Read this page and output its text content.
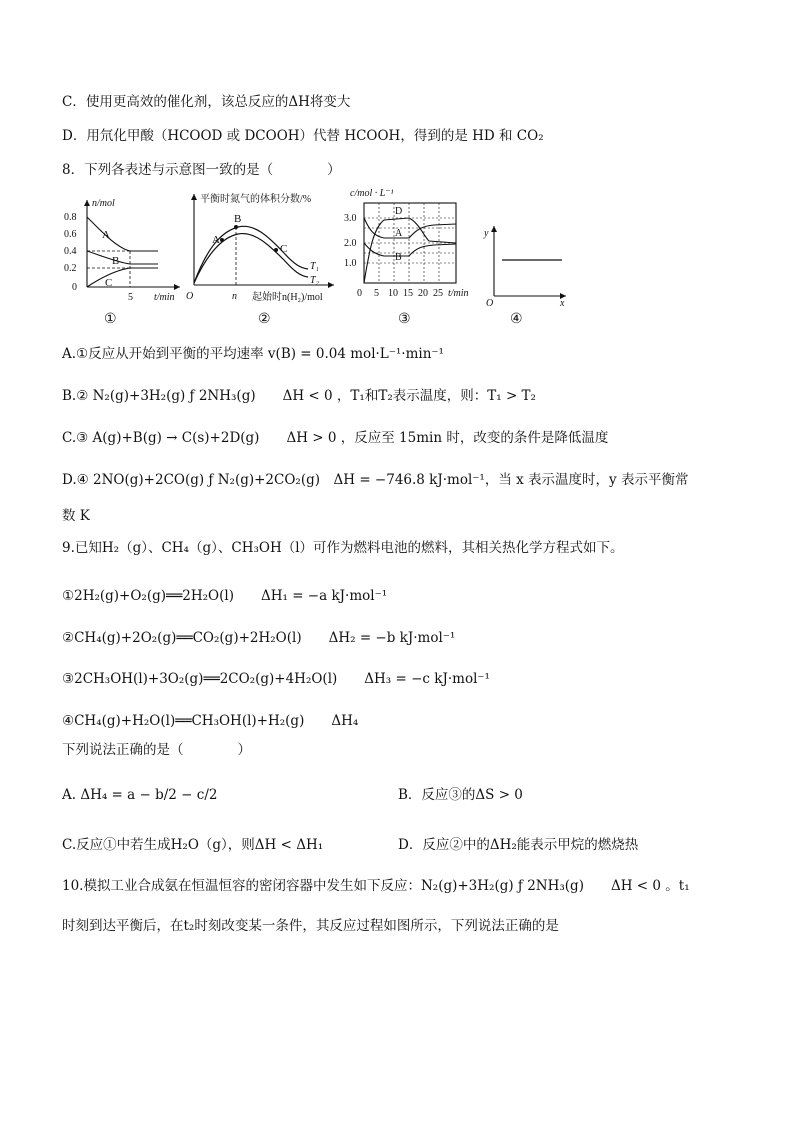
C．使用更高效的催化剂，该总反应的ΔH将变大
D．用氘化甲酸（HCOOD 或 DCOOH）代替 HCOOH，得到的是 HD 和 CO₂
8．下列各表述与示意图一致的是（　　　　）
n/mol
0.8
0.6
0.4
0.2
0
A
B
C
5 t/min
①
平衡时氮气的体积分数/%
A
B
C
T₁
T₂
O	n 起始时n(H₂)/mol
②
c/mol · L⁻¹
D
A
B
3.0
2.0
1.0
0 5 10 15 20 25 t/min
③
y
O	x
④
A.①反应从开始到平衡的平均速率 v(B) = 0.04 mol·L⁻¹·min⁻¹
B.② N₂(g)+3H₂(g) ƒ 2NH₃(g)　　ΔH < 0 ，T₁和T₂表示温度，则：T₁ > T₂
C.③ A(g)+B(g) → C(s)+2D(g)　　ΔH > 0 ，反应至 15min 时，改变的条件是降低温度
D.④ 2NO(g)+2CO(g) ƒ N₂(g)+2CO₂(g)　ΔH = −746.8 kJ·mol⁻¹，当 x 表示温度时，y 表示平衡常
数 K
9.已知H₂（g）、CH₄（g）、CH₃OH（l）可作为燃料电池的燃料，其相关热化学方程式如下。
①2H₂(g)+O₂(g)══2H₂O(l)　　ΔH₁ = −a kJ·mol⁻¹
②CH₄(g)+2O₂(g)══CO₂(g)+2H₂O(l)　　ΔH₂ = −b kJ·mol⁻¹
③2CH₃OH(l)+3O₂(g)══2CO₂(g)+4H₂O(l)　　ΔH₃ = −c kJ·mol⁻¹
④CH₄(g)+H₂O(l)══CH₃OH(l)+H₂(g)　　ΔH₄
下列说法正确的是（　　　　）
A. ΔH₄ = a − b/2 − c/2	B．反应③的ΔS > 0
C.反应①中若生成H₂O（g），则ΔH < ΔH₁	D．反应②中的ΔH₂能表示甲烷的燃烧热
10.模拟工业合成氨在恒温恒容的密闭容器中发生如下反应：N₂(g)+3H₂(g) ƒ 2NH₃(g)　　ΔH < 0 。t₁
时刻到达平衡后，在t₂时刻改变某一条件，其反应过程如图所示，下列说法正确的是
